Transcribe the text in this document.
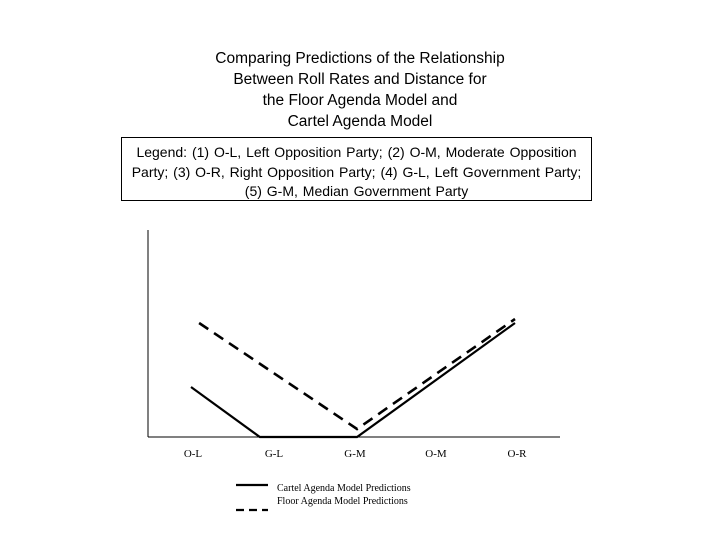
Comparing Predictions of the Relationship
Between Roll Rates and Distance for
the Floor Agenda Model and
Cartel Agenda Model
Legend: (1) O-L, Left Opposition Party; (2) O-M, Moderate Opposition Party; (3) O-R, Right Opposition Party; (4) G-L, Left Government Party; (5) G-M, Median Government Party
O-L	G-L	G-M	O-M	O-R
Cartel Agenda Model Predictions
Floor Agenda Model Predictions
